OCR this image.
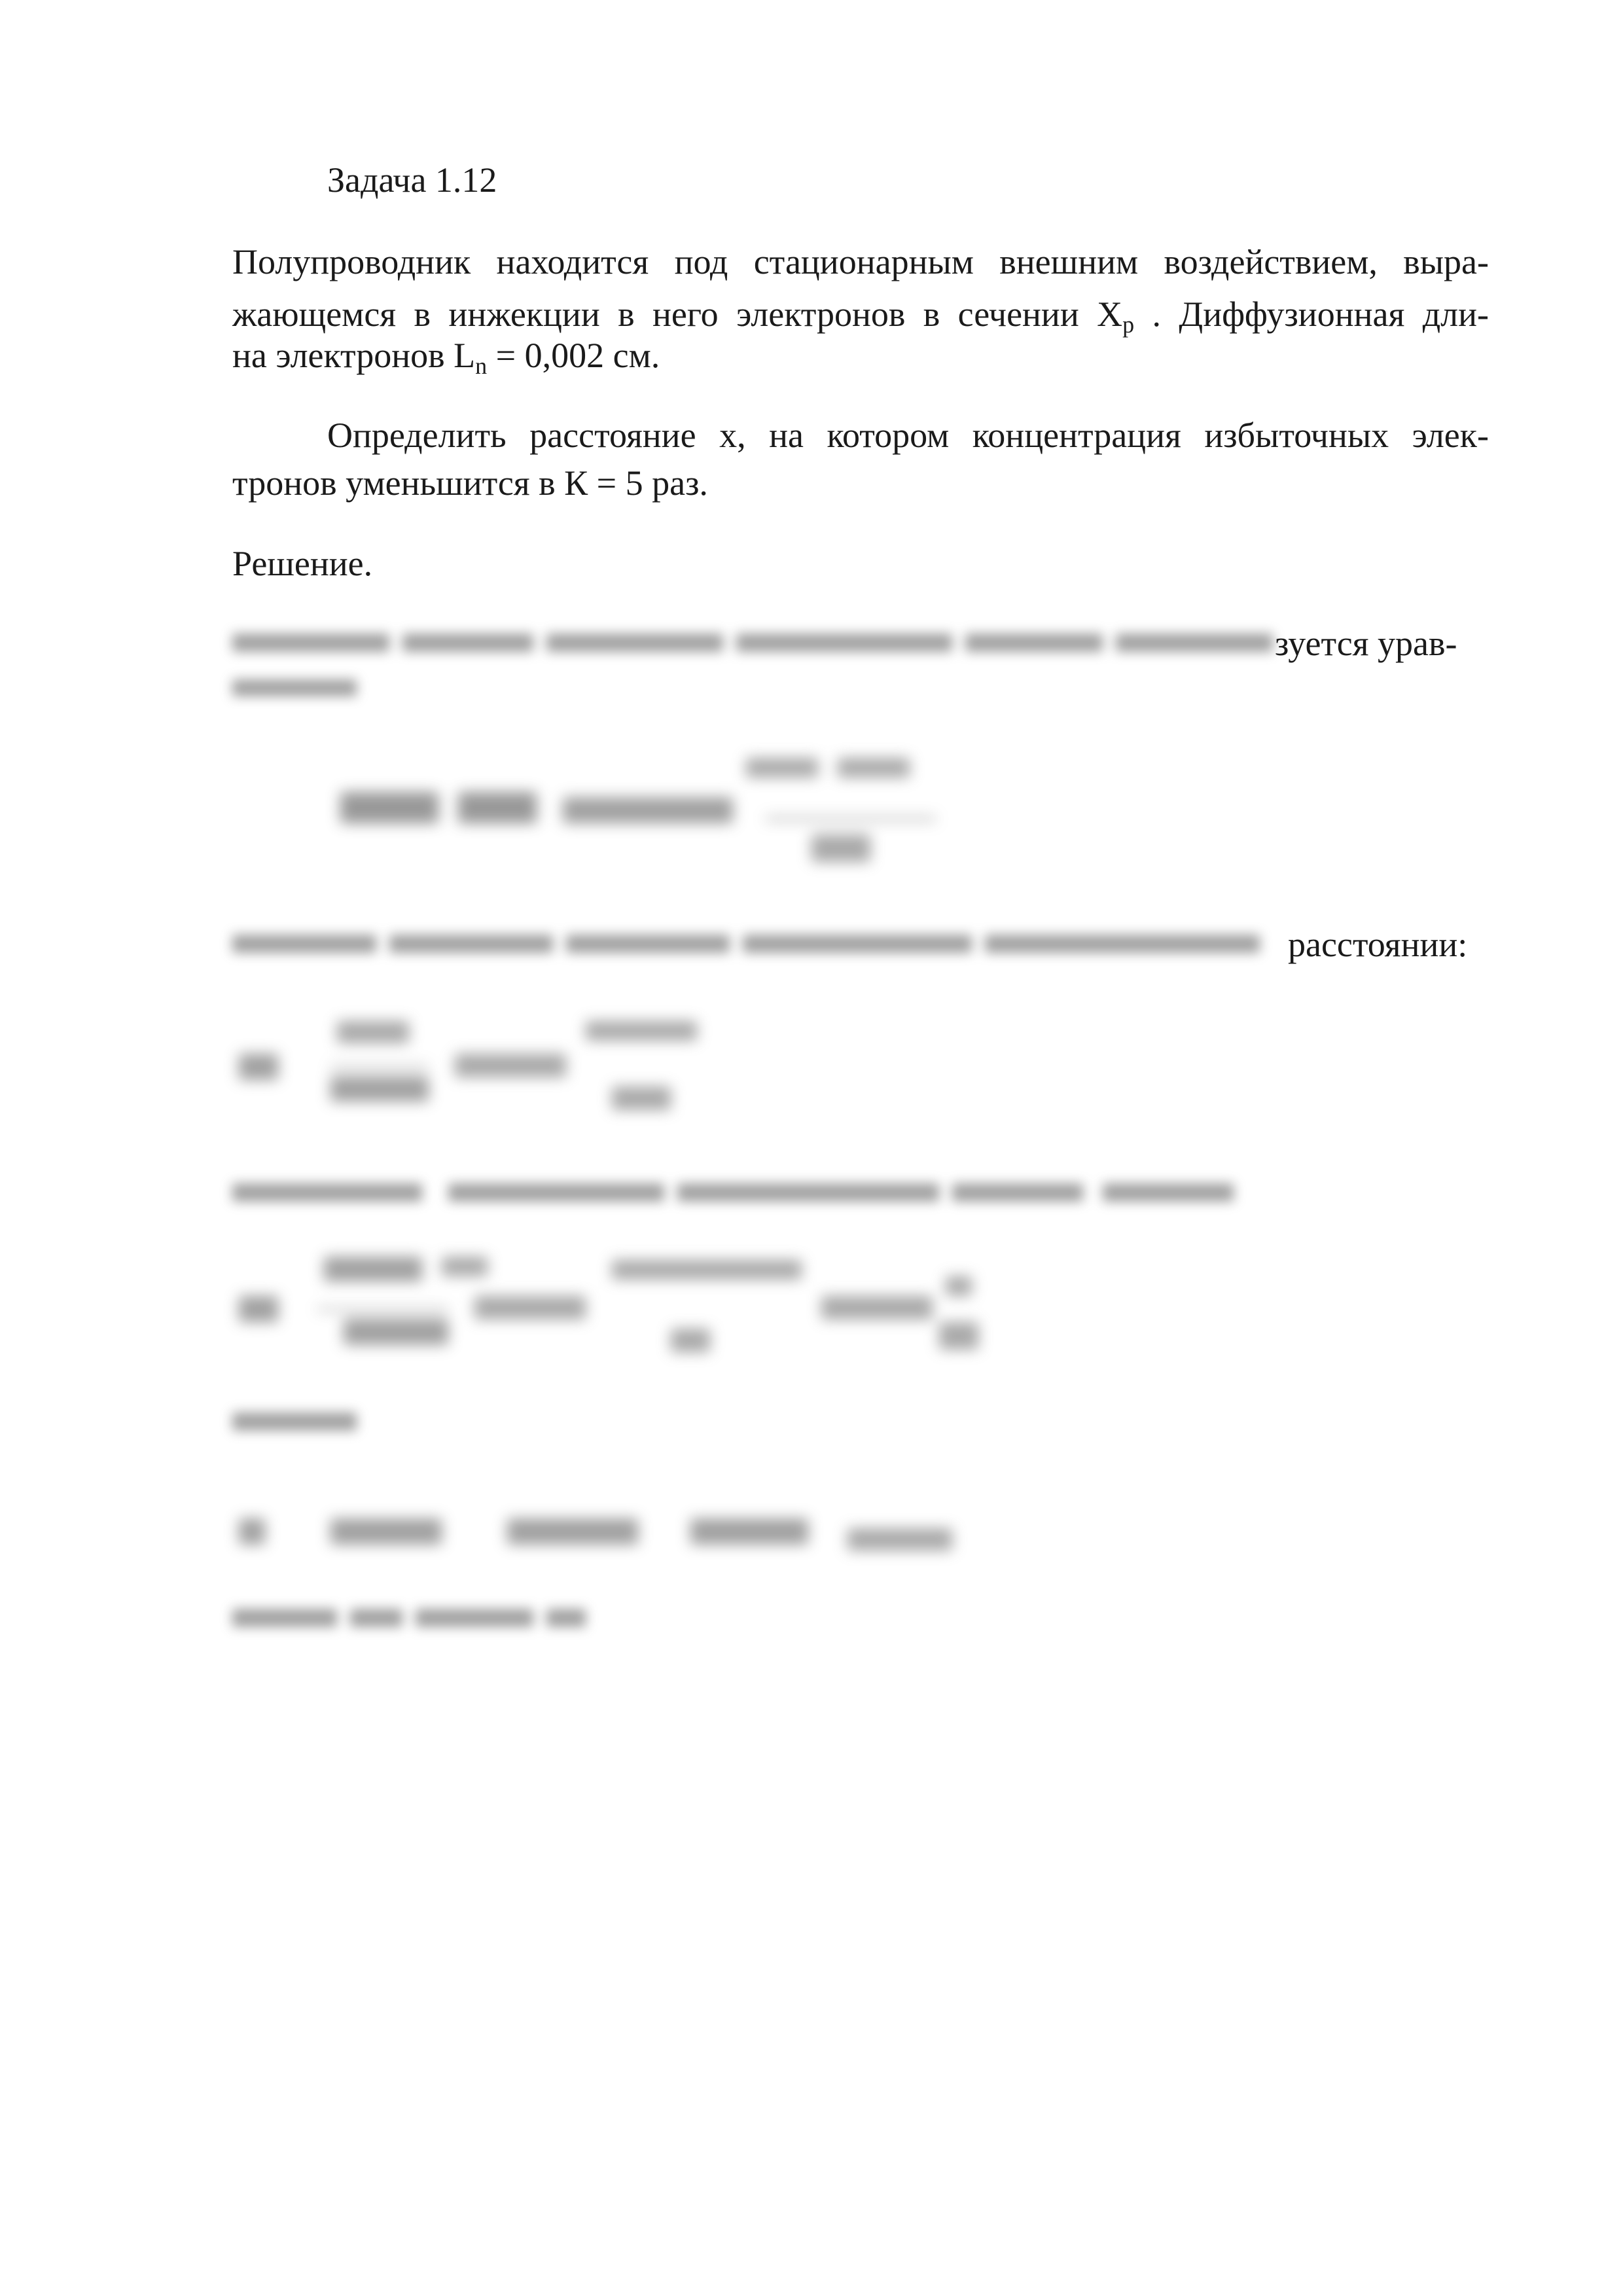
Задача 1.12
Полупроводник находится под стационарным внешним воздействием, выра-
жающемся в инжекции в него электронов в сечении $X_p$ . Диффузионная дли-
на электронов $L_n = 0,002$ см.
Определить расстояние x, на котором концентрация избыточных элек-
тронов уменьшится в К = 5 раз.
Решение.
зуется урав-
расстоянии:
